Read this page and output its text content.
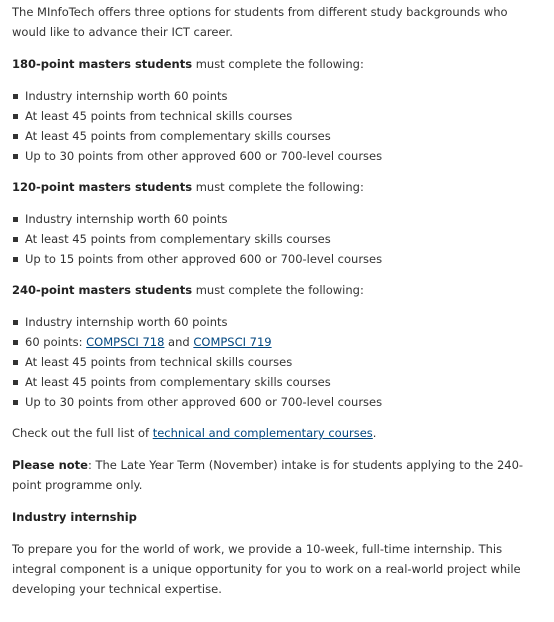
The MInfoTech offers three options for students from different study backgrounds who would like to advance their ICT career.

180-point masters students must complete the following:

Industry internship worth 60 points
At least 45 points from technical skills courses
At least 45 points from complementary skills courses
Up to 30 points from other approved 600 or 700-level courses

120-point masters students must complete the following:

Industry internship worth 60 points
At least 45 points from complementary skills courses
Up to 15 points from other approved 600 or 700-level courses

240-point masters students must complete the following:

Industry internship worth 60 points
60 points: COMPSCI 718 and COMPSCI 719
At least 45 points from technical skills courses
At least 45 points from complementary skills courses
Up to 30 points from other approved 600 or 700-level courses

Check out the full list of technical and complementary courses.

Please note: The Late Year Term (November) intake is for students applying to the 240-point programme only.

Industry internship

To prepare you for the world of work, we provide a 10-week, full-time internship. This integral component is a unique opportunity for you to work on a real-world project while developing your technical expertise.
